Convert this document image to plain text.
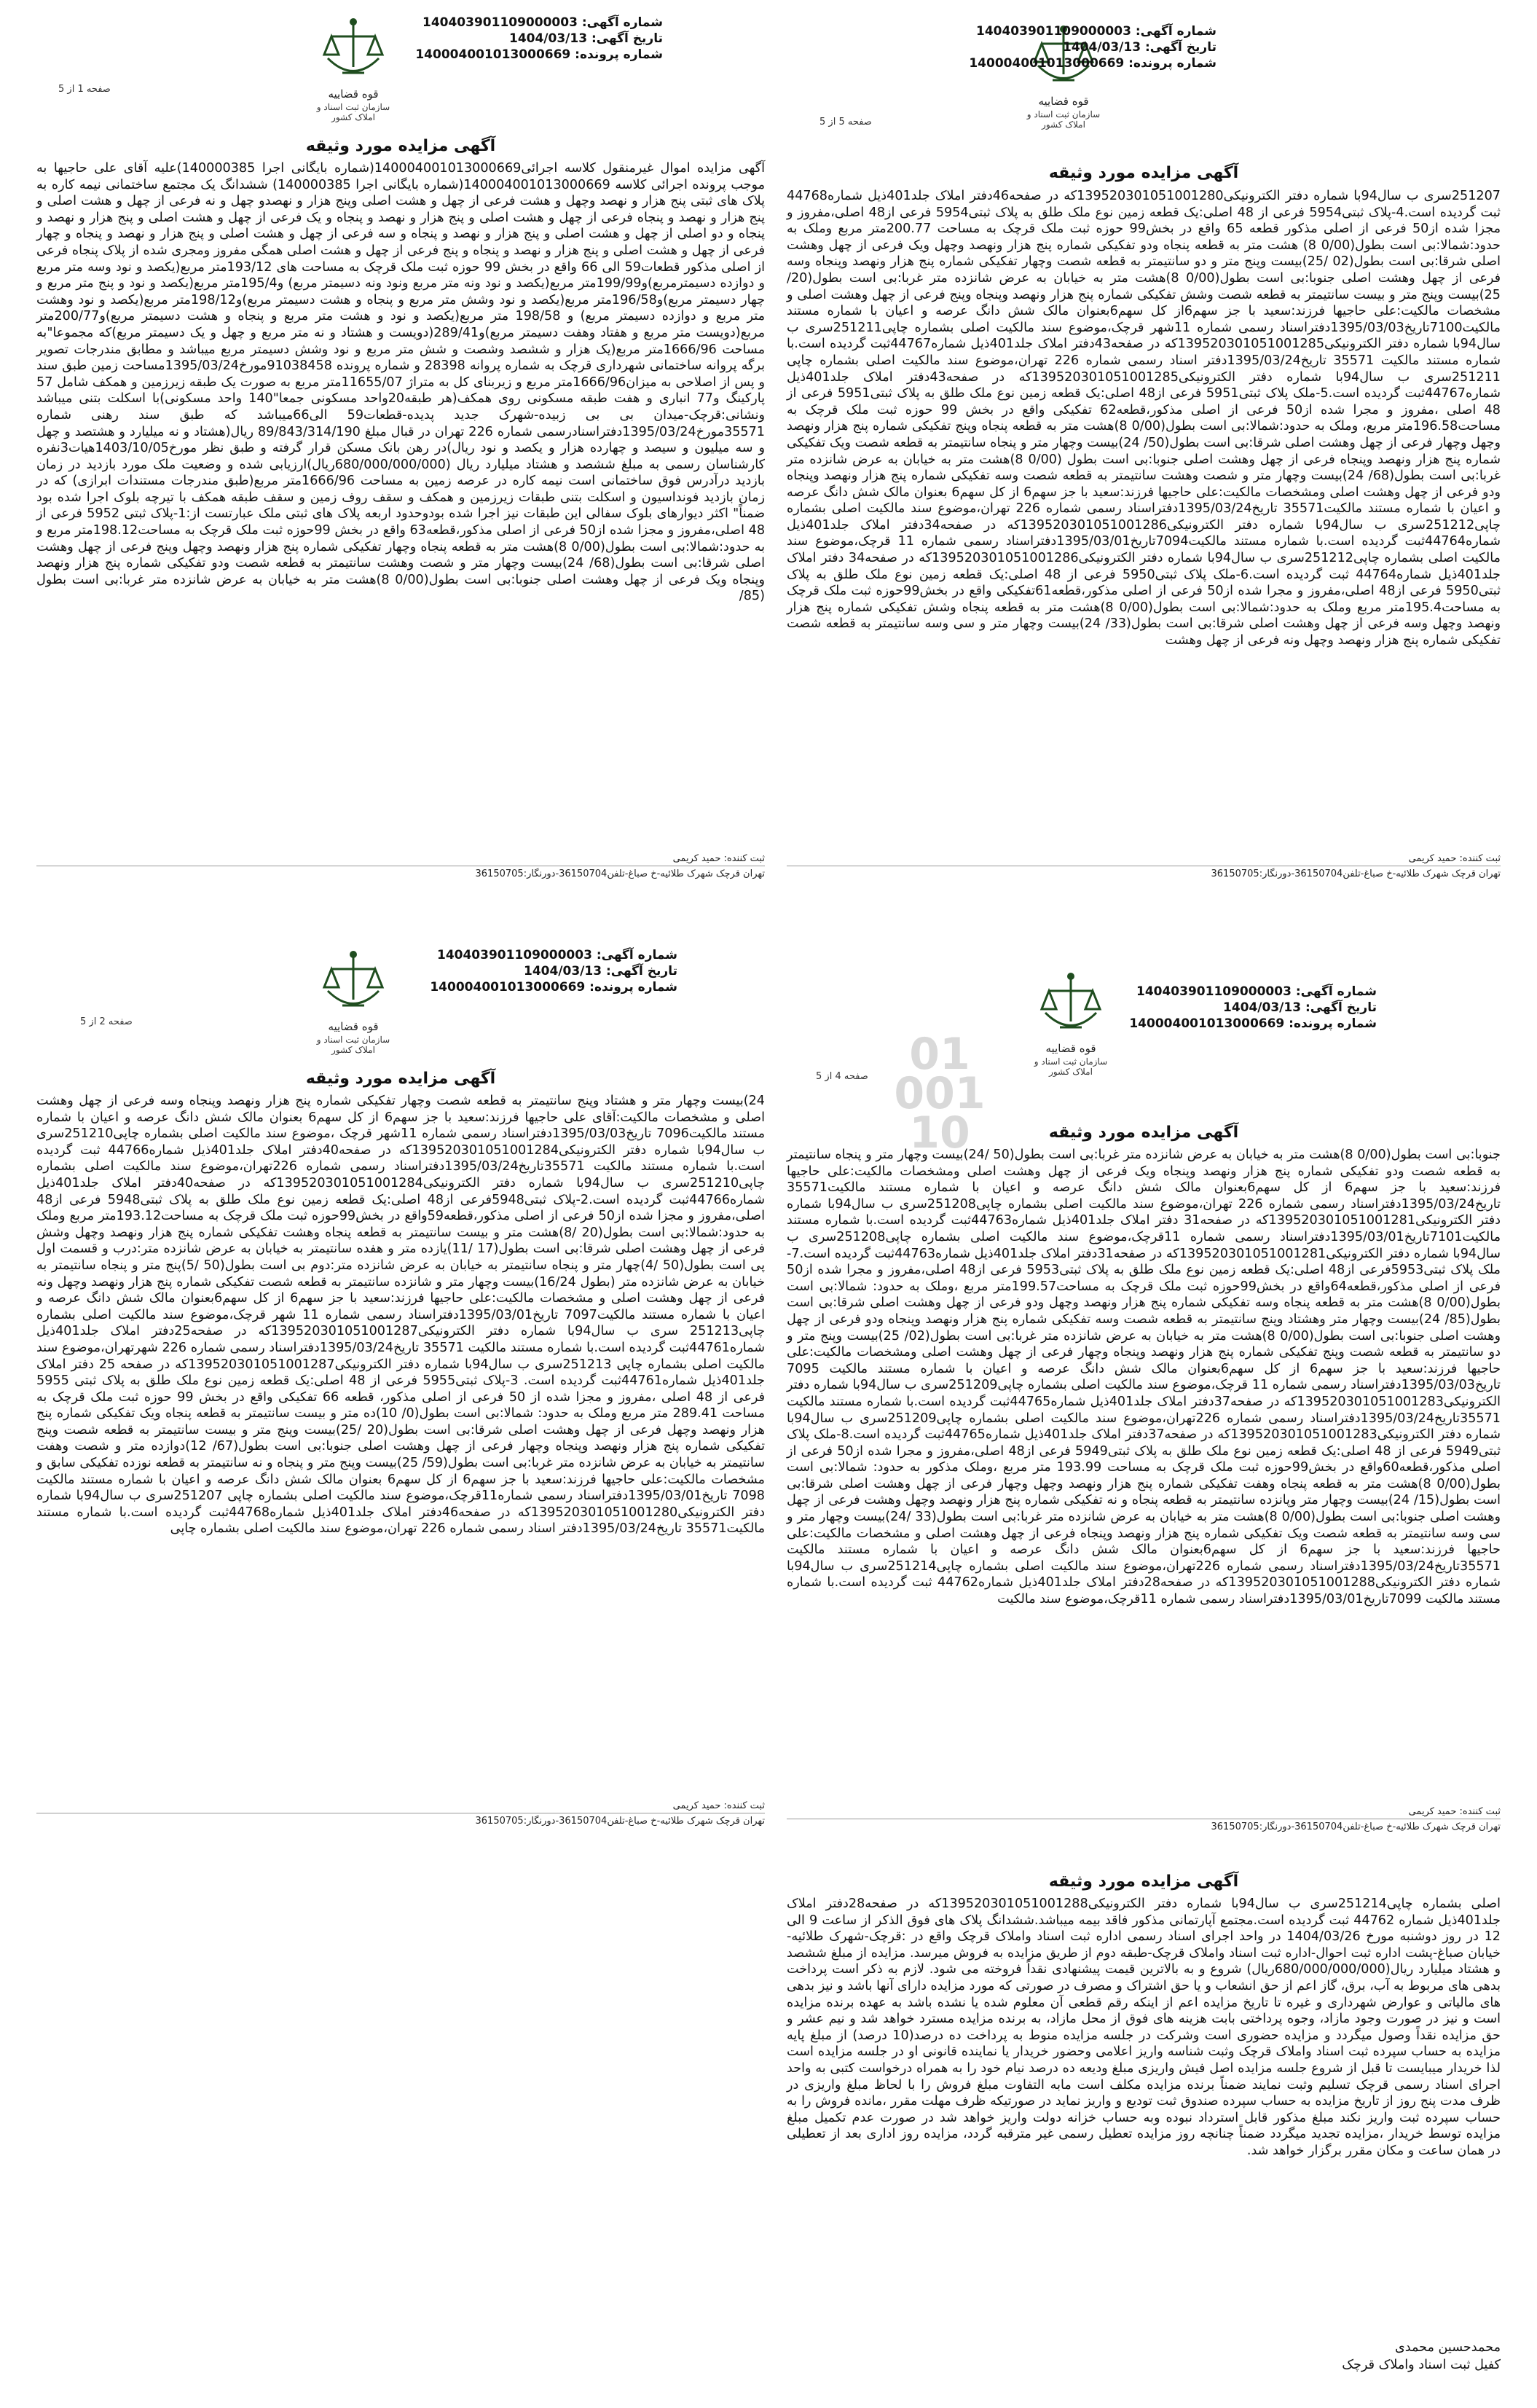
قوه قضاییه
سازمان ثبت اسناد و املاک کشور
شماره آگهی: 140403901109000003
تاریخ آگهی: 1404/03/13
شماره پرونده: 140004001013000669
صفحه 5 از 5
آگهی مزایده مورد وثیقه
251207سری ب سال94با شماره دفتر الکترونیکی139520301051001280که در صفحه46دفتر املاک جلد401ذیل شماره44768 ثبت گردیده است.4-پلاک ثبتی5954 فرعی از 48 اصلی:یک قطعه زمین نوع ملک طلق به پلاک ثبتی5954 فرعی از48 اصلی،مفروز و مجزا شده از50 فرعی از اصلی مذکور قطعه 65 واقع در بخش99 حوزه ثبت ملک قرچک به مساحت 200.77متر مربع وملک به حدود:شمالا:بی است بطول(0/00 8) هشت متر به قطعه پنجاه ودو تفکیکی شماره پنج هزار ونهصد وچهل ویک فرعی از چهل وهشت اصلی شرقا:بی است بطول(02 /25)بیست وپنج متر و دو سانتیمتر به قطعه شصت وچهار تفکیکی شماره پنج هزار ونهصد وپنجاه وسه فرعی از چهل وهشت اصلی جنوبا:بی است بطول(0/00 8)هشت متر به خیابان به عرض شانزده متر غربا:بی است بطول(20/ 25)بیست وپنج متر و بیست سانتیمتر به قطعه شصت وشش تفکیکی شماره پنج هزار ونهصد وپنجاه وپنج فرعی از چهل وهشت اصلی و مشخصات مالکیت:علی حاجیها فرزند:سعید با جز سهم6از کل سهم6بعنوان مالک شش دانگ عرصه و اعیان با شماره مستند مالکیت7100تاریخ1395/03/03دفتراسناد رسمی شماره 11شهر قرچک،موضوع سند مالکیت اصلی بشماره چاپی251211سری ب سال94با شماره دفتر الکترونیکی139520301051001285که در صفحه43دفتر املاک جلد401ذیل شماره44767ثبت گردیده است.با شماره مستند مالکیت 35571 تاریخ1395/03/24دفتر اسناد رسمی شماره 226 تهران،موضوع سند مالکیت اصلی بشماره چاپی 251211سری ب سال94با شماره دفتر الکترونیکی139520301051001285که در صفحه43دفتر املاک جلد401ذیل شماره44767ثبت گردیده است.5-ملک پلاک ثبتی5951 فرعی از48 اصلی:یک قطعه زمین نوع ملک طلق به پلاک ثبتی5951 فرعی از 48 اصلی ،مفروز و مجرا شده از50 فرعی از اصلی مذکور،قطعه62 تفکیکی واقع در بخش 99 حوزه ثبت ملک قرچک به مساحت196.58متر مربع، وملک به حدود:شمالا:بی است بطول(0/00 8)هشت متر به قطعه پنجاه وپنج تفکیکی شماره پنج هزار ونهصد وچهل وچهار فرعی از چهل وهشت اصلی شرقا:بی است بطول(50/ 24)بیست وچهار متر و پنجاه سانتیمتر به قطعه شصت ویک تفکیکی شماره پنج هزار ونهصد وپنجاه فرعی از چهل وهشت اصلی جنوبا:بی است بطول (0/00 8)هشت متر به خیابان به عرض شانزده متر غربا:بی است بطول(68/ 24)بیست وچهار متر و شصت وهشت سانتیمتر به قطعه شصت وسه تفکیکی شماره پنج هزار ونهصد وپنجاه ودو فرعی از چهل وهشت اصلی ومشخصات مالکیت:علی حاجیها فرزند:سعید با جز سهم6 از کل سهم6 بعنوان مالک شش دانگ عرصه و اعیان با شماره مستند مالکیت35571 تاریخ1395/03/24دفتراسناد رسمی شماره 226 تهران،موضوع سند مالکیت اصلی بشماره چاپی251212سری ب سال94با شماره دفتر الکترونیکی139520301051001286که در صفحه34دفتر املاک جلد401ذیل شماره44764ثبت گردیده است.با شماره مستند مالکیت7094تاریخ1395/03/01دفتراسناد رسمی شماره 11 قرچک،موضوع سند مالکیت اصلی بشماره چاپی251212سری ب سال94با شماره دفتر الکترونیکی139520301051001286که در صفحه34 دفتر املاک جلد401ذیل شماره44764 ثبت گردیده است.6-ملک پلاک ثبتی5950 فرعی از 48 اصلی:یک قطعه زمین نوع ملک طلق به پلاک ثبتی5950 فرعی از48 اصلی،مفروز و مجرا شده از50 فرعی از اصلی مذکور،قطعه61تفکیکی واقع در بخش99حوزه ثبت ملک قرچک به مساحت195.4متر مربع وملک به حدود:شمالا:بی است بطول(0/00 8)هشت متر به قطعه پنجاه وشش تفکیکی شماره پنج هزار ونهصد وچهل وسه فرعی از چهل وهشت اصلی شرقا:بی است بطول(33/ 24)بیست وچهار متر و سی وسه سانتیمتر به قطعه شصت تفکیکی شماره پنج هزار ونهصد وچهل ونه فرعی از چهل وهشت
ثبت کننده: حمید کریمی
تهران قرچک شهرک طلائیه-خ صباغ-تلفن36150704-دورنگار:36150705
قوه قضاییه
سازمان ثبت اسناد و املاک کشور
شماره آگهی: 140403901109000003
تاریخ آگهی: 1404/03/13
شماره پرونده: 140004001013000669
صفحه 1 از 5
آگهی مزایده مورد وثیقه
آگهی مزایده اموال غیرمنقول کلاسه اجرائی140004001013000669(شماره بایگانی اجرا 140000385)علیه آقای علی حاجیها به موجب پرونده اجرائی کلاسه 140004001013000669(شماره بایگانی اجرا 140000385) ششدانگ یک مجتمع ساختمانی نیمه کاره به پلاک های ثبتی پنج هزار و نهصد وچهل و هشت فرعی از چهل و هشت اصلی وپنج هزار و نهصدو چهل و نه فرعی از چهل و هشت اصلی و پنج هزار و نهصد و پنجاه فرعی از چهل و هشت اصلی و پنج هزار و نهصد و پنجاه و یک فرعی از چهل و هشت اصلی و پنج هزار و نهصد و پنجاه و دو اصلی از چهل و هشت اصلی و پنج هزار و نهصد و پنجاه و سه فرعی از چهل و هشت اصلی و پنج هزار و نهصد و پنجاه و چهار فرعی از چهل و هشت اصلی و پنج هزار و نهصد و پنجاه و پنج فرعی از چهل و هشت اصلی همگی مفروز ومجری شده از پلاک پنجاه فرعی از اصلی مذکور قطعات59 الی 66 واقع در بخش 99 حوزه ثبت ملک قرچک به مساحت های 193/12متر مربع(یکصد و نود وسه متر مربع و دوازده دسیمترمربع)و199/99متر مربع(یکصد و نود ونه متر مربع ونود ونه دسیمتر مربع) و195/4متر مربع(یکصد و نود و پنج متر مربع و چهار دسیمتر مربع)و196/58متر مربع(یکصد و نود وشش متر مربع و پنجاه و هشت دسیمتر مربع)و198/12متر مربع(یکصد و نود وهشت متر مربع و دوازده دسیمتر مربع) و 198/58 متر مربع(یکصد و نود و هشت متر مربع و پنجاه و هشت دسیمتر مربع)و200/77متر مربع(دویست متر مربع و هفتاد وهفت دسیمتر مربع)و289/41(دویست و هشتاد و نه متر مربع و چهل و یک دسیمتر مربع)که مجموعا"به مساحت 1666/96متر مربع(یک هزار و ششصد وشصت و شش متر مربع و نود وشش دسیمتر مربع میباشد و مطابق مندرجات تصویر برگه پروانه ساختمانی شهرداری قرچک به شماره پروانه 28398 و شماره پرونده 91038458مورخ1395/03/24مساحت زمین طبق سند و پس از اصلاحی به میزان1666/96متر مربع و زیربنای کل به متراژ 11655/07متر مربع به صورت یک طبقه زیرزمین و همکف شامل 57 پارکینگ و77 انباری و هفت طبقه مسکونی روی همکف(هر طبقه20واحد مسکونی جمعا"140 واحد مسکونی)با اسکلت بتنی میباشد ونشانی:قرچک-میدان بی بی زبیده-شهرک جدید پدیده-قطعات59 الی66میباشد که طبق سند رهنی شماره 35571مورخ1395/03/24دفتراسنادرسمی شماره 226 تهران در قبال مبلغ 89/843/314/190 ریال(هشتاد و نه میلیارد و هشتصد و چهل و سه میلیون و سیصد و چهارده هزار و یکصد و نود ریال)در رهن بانک مسکن قرار گرفته و طبق نظر مورخ1403/10/05هیات3نفره کارشناسان رسمی به مبلغ ششصد و هشتاد میلیارد ریال (680/000/000/000ریال)ارزیابی شده و وضعیت ملک مورد بازدید در زمان بازدید درآدرس فوق ساختمانی است نیمه کاره در عرصه زمین به مساحت 1666/96متر مربع(طبق مندرجات مستندات ابرازی) که در زمان بازدید فونداسیون و اسکلت بتنی طبقات زیرزمین و همکف و سقف روف زمین و سقف طبقه همکف با تیرچه بلوک اجرا شده بود ضمناً" اکثر دیوارهای بلوک سفالی این طبقات نیز اجرا شده بودوحدود اربعه پلاک های ثبتی ملک عبارتست از:1-پلاک ثبتی 5952 فرعی از 48 اصلی،مفروز و مجزا شده از50 فرعی از اصلی مذکور،قطعه63 واقع در بخش 99حوزه ثبت ملک قرچک به مساحت198.12متر مربع و به حدود:شمالا:بی است بطول(0/00 8)هشت متر به قطعه پنجاه وچهار تفکیکی شماره پنج هزار ونهصد وچهل وپنج فرعی از چهل وهشت اصلی شرقا:بی است بطول(68/ 24)بیست وچهار متر و شصت وهشت سانتیمتر به قطعه شصت ودو تفکیکی شماره پنج هزار ونهصد وپنجاه ویک فرعی از چهل وهشت اصلی جنوبا:بی است بطول(0/00 8)هشت متر به خیابان به عرض شانزده متر غربا:بی است بطول (85/
ثبت کننده: حمید کریمی
تهران قرچک شهرک طلائیه-خ صباغ-تلفن36150704-دورنگار:36150705
قوه قضاییه
سازمان ثبت اسناد و املاک کشور
شماره آگهی: 140403901109000003
تاریخ آگهی: 1404/03/13
شماره پرونده: 140004001013000669
صفحه 4 از 5 01
001
10	آگهی مزایده مورد وثیقه
جنوبا:بی است بطول(0/00 8)هشت متر به خیابان به عرض شانزده متر غربا:بی است بطول(50 /24)بیست وچهار متر و پنجاه سانتیمتر به قطعه شصت ودو تفکیکی شماره پنج هزار ونهصد وپنجاه ویک فرعی از چهل وهشت اصلی ومشخصات مالکیت:علی حاجیها فرزند:سعید با جز سهم6 از کل سهم6بعنوان مالک شش دانگ عرصه و اعیان با شماره مستند مالکیت35571 تاریخ1395/03/24دفتراسناد رسمی شماره 226 تهران،موضوع سند مالکیت اصلی بشماره چاپی251208سری ب سال94با شماره دفتر الکترونیکی139520301051001281که در صفحه31 دفتر املاک جلد401ذیل شماره44763ثبت گردیده است.با شماره مستند مالکیت7101تاریخ1395/03/01دفتراسناد رسمی شماره 11قرچک،موضوع سند مالکیت اصلی بشماره چاپی251208سری ب سال94با شماره دفتر الکترونیکی139520301051001281که در صفحه31دفتر املاک جلد401ذیل شماره44763ثبت گردیده است.7-ملک پلاک ثبتی5953فرعی از48 اصلی:یک قطعه زمین نوع ملک طلق به پلاک ثبتی5953 فرعی از48 اصلی،مفروز و مجرا شده از50 فرعی از اصلی مذکور،قطعه64واقع در بخش99حوزه ثبت ملک قرچک به مساحت199.57متر مربع ،وملک به حدود: شمالا:بی است بطول(0/00 8)هشت متر به قطعه پنجاه وسه تفکیکی شماره پنج هزار ونهصد وچهل ودو فرعی از چهل وهشت اصلی شرقا:بی است بطول(85/ 24)بیست وچهار متر وهشتاد وپنج سانتیمتر به قطعه شصت وسه تفکیکی شماره پنج هزار ونهصد وپنجاه ودو فرعی از چهل وهشت اصلی جنوبا:بی است بطول(0/00 8)هشت متر به خیابان به عرض شانزده متر غربا:بی است بطول(02/ 25)بیست وپنج متر و دو سانتیمتر به قطعه شصت وپنج تفکیکی شماره پنج هزار ونهصد وپنجاه وچهار فرعی از چهل وهشت اصلی ومشخصات مالکیت:علی حاجیها فرزند:سعید با جز سهم6 از کل سهم6بعنوان مالک شش دانگ عرصه و اعیان با شماره مستند مالکیت 7095 تاریخ1395/03/03دفتراسناد رسمی شماره 11 قرچک،موضوع سند مالکیت اصلی بشماره چاپی251209سری ب سال94با شماره دفتر الکترونیکی139520301051001283که در صفحه37دفتر املاک جلد401ذیل شماره44765ثبت گردیده است.با شماره مستند مالکیت 35571تاریخ1395/03/24دفتراسناد رسمی شماره 226تهران،موضوع سند مالکیت اصلی بشماره چاپی251209سری ب سال94با شماره دفتر الکترونیکی139520301051001283که در صفحه37دفتر املاک جلد401ذیل شماره44765ثبت گردیده است.8-ملک پلاک ثبتی5949 فرعی از 48 اصلی:یک قطعه زمین نوع ملک طلق به پلاک ثبتی5949 فرعی از48 اصلی،مفروز و مجرا شده از50 فرعی از اصلی مذکور،قطعه60واقع در بخش99حوزه ثبت ملک قرچک به مساحت 193.99 متر مربع ،وملک مذکور به حدود: شمالا:بی است بطول(0/00 8)هشت متر به قطعه پنجاه وهفت تفکیکی شماره پنج هزار ونهصد وچهل وچهار فرعی از چهل وهشت اصلی شرقا:بی است بطول(15/ 24)بیست وچهار متر وپانزده سانتیمتر به قطعه پنجاه و نه تفکیکی شماره پنج هزار ونهصد وچهل وهشت فرعی از چهل وهشت اصلی جنوبا:بی است بطول(0/00 8)هشت متر به خیابان به عرض شانزده متر غربا:بی است بطول(33 /24)بیست وچهار متر و سی وسه سانتیمتر به قطعه شصت ویک تفکیکی شماره پنج هزار ونهصد وپنجاه فرعی از چهل وهشت اصلی و مشخصات مالکیت:علی حاجیها فرزند:سعید با جز سهم6 از کل سهم6بعنوان مالک شش دانگ عرصه و اعیان با شماره مستند مالکیت 35571تاریخ1395/03/24دفتراسناد رسمی شماره 226تهران،موضوع سند مالکیت اصلی بشماره چاپی251214سری ب سال94با شماره دفتر الکترونیکی139520301051001288که در صفحه28دفتر املاک جلد401ذیل شماره44762 ثبت گردیده است.با شماره مستند مالکیت 7099تاریخ1395/03/01دفتراسناد رسمی شماره 11قرچک،موضوع سند مالکیت
ثبت کننده: حمید کریمی
تهران قرچک شهرک طلائیه-خ صباغ-تلفن36150704-دورنگار:36150705
قوه قضاییه
سازمان ثبت اسناد و املاک کشور
شماره آگهی: 140403901109000003
تاریخ آگهی: 1404/03/13
شماره پرونده: 140004001013000669
صفحه 2 از 5
آگهی مزایده مورد وثیقه
24)بیست وچهار متر و هشتاد وپنج سانتیمتر به قطعه شصت وچهار تفکیکی شماره پنج هزار ونهصد وپنجاه وسه فرعی از چهل وهشت اصلی و مشخصات مالکیت:آقای علی حاجیها فرزند:سعید با جز سهم6 از کل سهم6 بعنوان مالک شش دانگ عرصه و اعیان با شماره مستند مالکیت7096 تاریخ1395/03/03دفتراسناد رسمی شماره 11شهر قرچک ،موضوع سند مالکیت اصلی بشماره چاپی251210سری ب سال94با شماره دفتر الکترونیکی139520301051001284که در صفحه40دفتر املاک جلد401ذیل شماره44766 ثبت گردیده است.با شماره مستند مالکیت 35571تاریخ1395/03/24دفتراسناد رسمی شماره 226تهران،موضوع سند مالکیت اصلی بشماره چاپی251210سری ب سال94با شماره دفتر الکترونیکی139520301051001284که در صفحه40دفتر املاک جلد401ذیل شماره44766ثبت گردیده است.2-پلاک ثبتی5948فرعی از48 اصلی:یک قطعه زمین نوع ملک طلق به پلاک ثبتی5948 فرعی از48 اصلی،مفروز و مجزا شده از50 فرعی از اصلی مذکور،قطعه59واقع در بخش99حوزه ثبت ملک قرچک به مساحت193.12متر مربع وملک به حدود:شمالا:بی است بطول(20 /8)هشت متر و بیست سانتیمتر به قطعه پنجاه وهشت تفکیکی شماره پنج هزار ونهصد وچهل وشش فرعی از چهل وهشت اصلی شرقا:بی است بطول(17 /11)یازده متر و هفده سانتیمتر به خیابان به عرض شانزده متر:درب و قسمت اول پی است بطول(50 /4)چهار متر و پنجاه سانتیمتر به خیابان به عرض شانزده متر:دوم بی است بطول(50 /5)پنج متر و پنجاه سانتیمتر به خیابان به عرض شانزده متر (بطول 16/24)بیست وچهار متر و شانزده سانتیمتر به قطعه شصت تفکیکی شماره پنج هزار ونهصد وچهل ونه فرعی از چهل وهشت اصلی و مشخصات مالکیت:علی حاجیها فرزند:سعید با جز سهم6 از کل سهم6بعنوان مالک شش دانگ عرصه و اعیان با شماره مستند مالکیت7097 تاریخ1395/03/01دفتراسناد رسمی شماره 11 شهر قرچک،موضوع سند مالکیت اصلی بشماره چاپی251213 سری ب سال94با شماره دفتر الکترونیکی139520301051001287که در صفحه25دفتر املاک جلد401ذیل شماره44761ثبت گردیده است.با شماره مستند مالکیت 35571 تاریخ1395/03/24دفتراسناد رسمی شماره 226 شهرتهران،موضوع سند مالکیت اصلی بشماره چاپی 251213سری ب سال94با شماره دفتر الکترونیکی139520301051001287که در صفحه 25 دفتر املاک جلد401ذیل شماره44761ثبت گردیده است. 3-پلاک ثبتی5955 فرعی از 48 اصلی:یک قطعه زمین نوع ملک طلق به پلاک ثبتی 5955 فرعی از 48 اصلی ،مفروز و مجزا شده از 50 فرعی از اصلی مذکور، قطعه 66 تفکیکی واقع در بخش 99 حوزه ثبت ملک قرچک به مساحت 289.41 متر مربع وملک به حدود: شمالا:بی است بطول(0/ 10)ده متر و بیست سانتیمتر به قطعه پنجاه ویک تفکیکی شماره پنج هزار ونهصد وچهل فرعی از چهل وهشت اصلی شرقا:بی است بطول(20 /25)بیست وپنج متر و بیست سانتیمتر به قطعه شصت وپنج تفکیکی شماره پنج هزار ونهصد وپنجاه وچهار فرعی از چهل وهشت اصلی جنوبا:بی است بطول(67/ 12)دوازده متر و شصت وهفت سانتیمتر به خیابان به عرض شانزده متر غربا:بی است بطول(59/ 25)بیست وپنج متر و پنجاه و نه سانتیمتر به قطعه نوزده تفکیکی سابق و مشخصات مالکیت:علی حاجیها فرزند:سعید با جز سهم6 از کل سهم6 بعنوان مالک شش دانگ عرصه و اعیان با شماره مستند مالکیت 7098 تاریخ1395/03/01دفتراسناد رسمی شماره11قرچک،موضوع سند مالکیت اصلی بشماره چاپی 251207سری ب سال94با شماره دفتر الکترونیکی139520301051001280که در صفحه46دفتر املاک جلد401ذیل شماره44768ثبت گردیده است.با شماره مستند مالکیت35571 تاریخ1395/03/24دفتر اسناد رسمی شماره 226 تهران،موضوع سند مالکیت اصلی بشماره چاپی
ثبت کننده: حمید کریمی
تهران قرچک شهرک طلائیه-خ صباغ-تلفن36150704-دورنگار:36150705
آگهی مزایده مورد وثیقه
اصلی بشماره چاپی251214سری ب سال94با شماره دفتر الکترونیکی139520301051001288که در صفحه28دفتر املاک جلد401ذیل شماره 44762 ثبت گردیده است.مجتمع آپارتمانی مذکور فاقد بیمه میباشد.ششدانگ پلاک های فوق الذکر از ساعت 9 الی 12 در روز دوشنبه مورخ 1404/03/26 در واحد اجرای اسناد رسمی اداره ثبت اسناد واملاک قرچک واقع در :قرچک-شهرک طلائیه-خیابان صباغ-پشت اداره ثبت احوال-اداره ثبت اسناد واملاک قرچک-طبقه دوم از طریق مزایده به فروش میرسد. مزایده از مبلغ ششصد و هشتاد میلیارد ریال(680/000/000/000ریال) شروع و به بالاترین قیمت پیشنهادی نقداً فروخته می شود. لازم به ذکر است پرداخت بدهی های مربوط به آب، برق، گاز اعم از حق انشعاب و یا حق اشتراک و مصرف در صورتی که مورد مزایده دارای آنها باشد و نیز بدهی های مالیاتی و عوارض شهرداری و غیره تا تاریخ مزایده اعم از اینکه رقم قطعی آن معلوم شده یا نشده باشد به عهده برنده مزایده است و نیز در صورت وجود مازاد، وجوه پرداختی بابت هزینه های فوق از محل مازاد، به برنده مزایده مسترد خواهد شد و نیم عشر و حق مزایده نقداً وصول میگردد و مزایده حضوری است وشرکت در جلسه مزایده منوط به پرداخت ده درصد(10 درصد) از مبلغ پایه مزایده به حساب سپرده ثبت اسناد واملاک قرچک وثبت شناسه واریز اعلامی وحضور خریدار یا نماینده قانونی او در جلسه مزایده است لذا خریدار میبایست تا قبل از شروع جلسه مزایده اصل فیش واریزی مبلغ ودیعه ده درصد نیام خود را به همراه درخواست کتبی به واحد اجرای اسناد رسمی قرچک تسلیم وثبت نمایند ضمناً برنده مزایده مکلف است مابه التفاوت مبلغ فروش را با لحاظ مبلغ واریزی در ظرف مدت پنج روز از تاریخ مزایده به حساب سپرده صندوق ثبت توديع و واريز نمايد در صورتيكه ظرف مهلت مقرر ،مانده فروش را به حساب سپرده ثبت واریز نکند مبلغ مذکور قابل استرداد نبوده وبه حساب خزانه دولت واریز خواهد شد در صورت عدم تکمیل مبلغ مزایده توسط خریدار ،مزایده تجدید میگردد ضمناً چنانچه روز مزایده تعطیل رسمی غیر مترقبه گردد، مزایده روز اداری بعد از تعطیلی در همان ساعت و مکان مقرر برگزار خواهد شد.
محمدحسین محمدی
کفیل ثبت اسناد واملاک قرچک
